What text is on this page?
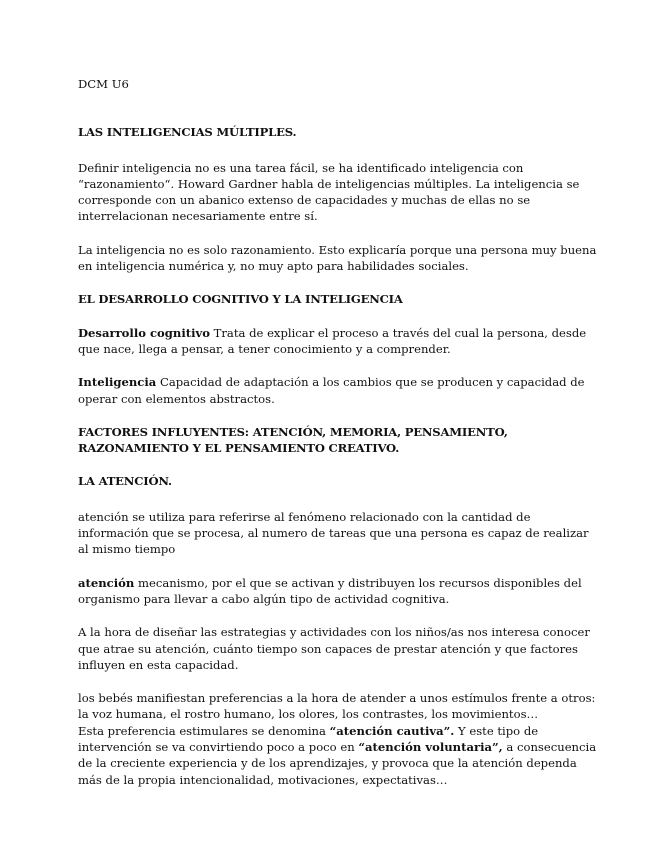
DCM U6

LAS INTELIGENCIAS MÚLTIPLES.

Definir inteligencia no es una tarea fácil, se ha identificado inteligencia con
“razonamiento“. Howard Gardner habla de inteligencias múltiples. La inteligencia se
corresponde con un abanico extenso de capacidades y muchas de ellas no se
interrelacionan necesariamente entre sí.

La inteligencia no es solo razonamiento. Esto explicaría porque una persona muy buena
en inteligencia numérica y, no muy apto para habilidades sociales.

EL DESARROLLO COGNITIVO Y LA INTELIGENCIA

Desarrollo cognitivo Trata de explicar el proceso a través del cual la persona, desde
que nace, llega a pensar, a tener conocimiento y a comprender.

Inteligencia Capacidad de adaptación a los cambios que se producen y capacidad de
operar con elementos abstractos.

FACTORES INFLUYENTES: ATENCIÓN, MEMORIA, PENSAMIENTO,
RAZONAMIENTO Y EL PENSAMIENTO CREATIVO.

LA ATENCIÓN.

atención se utiliza para referirse al fenómeno relacionado con la cantidad de
información que se procesa, al numero de tareas que una persona es capaz de realizar
al mismo tiempo

atención mecanismo, por el que se activan y distribuyen los recursos disponibles del
organismo para llevar a cabo algún tipo de actividad cognitiva.

A la hora de diseñar las estrategias y actividades con los niños/as nos interesa conocer
que atrae su atención, cuánto tiempo son capaces de prestar atención y que factores
influyen en esta capacidad.

los bebés manifiestan preferencias a la hora de atender a unos estímulos frente a otros:
la voz humana, el rostro humano, los olores, los contrastes, los movimientos…
Esta preferencia estimulares se denomina “atención cautiva”. Y este tipo de
intervención se va convirtiendo poco a poco en “atención voluntaria”, a consecuencia
de la creciente experiencia y de los aprendizajes, y provoca que la atención dependa
más de la propia intencionalidad, motivaciones, expectativas…
